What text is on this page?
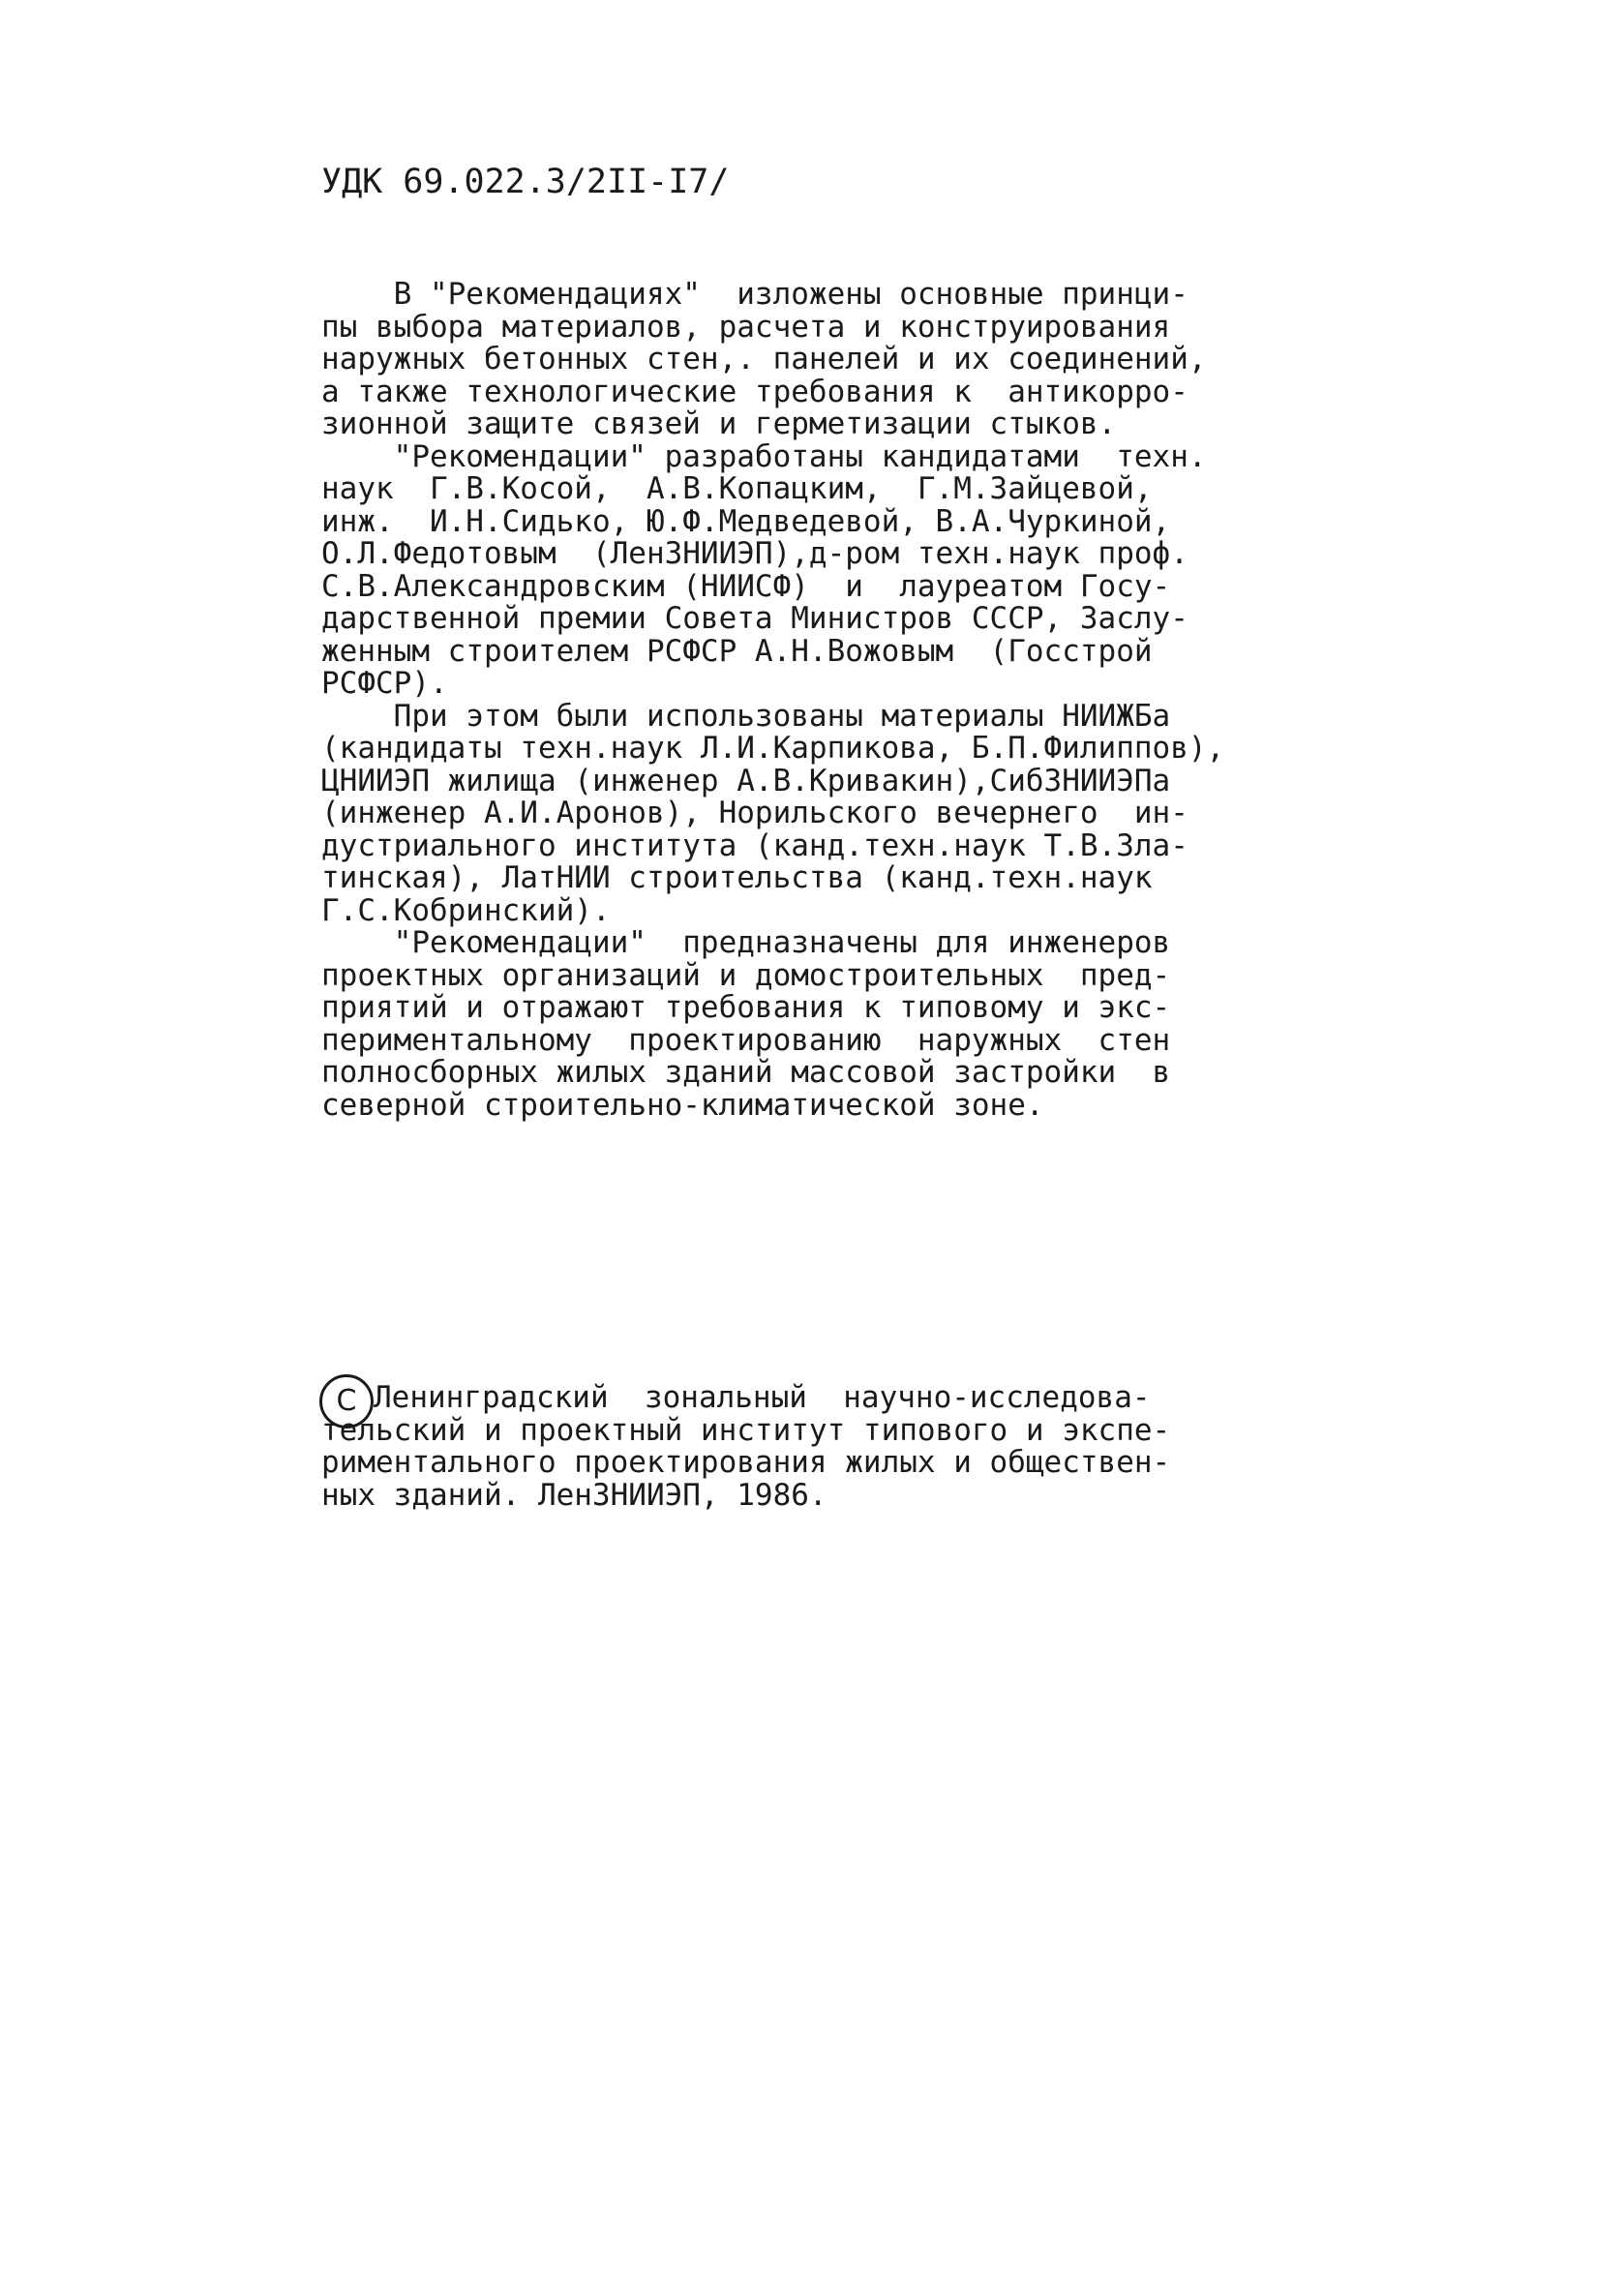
УДК 69.022.3/2II-I7/
В "Рекомендациях"  изложены основные принци-
пы выбора материалов, расчета и конструирования
наружных бетонных стен,. панелей и их соединений,
а также технологические требования к  антикорро-
зионной защите связей и герметизации стыков.
"Рекомендации" разработаны кандидатами  техн.
наук  Г.В.Косой,  А.В.Копацким,  Г.М.Зайцевой,
инж.  И.Н.Сидько, Ю.Ф.Медведевой, В.А.Чуркиной,
О.Л.Федотовым  (ЛенЗНИИЭП),д-ром техн.наук проф.
С.В.Александровским (НИИСФ)  и  лауреатом Госу-
дарственной премии Совета Министров СССР, Заслу-
женным строителем РСФСР А.Н.Вожовым  (Госстрой
РСФСР).
При этом были использованы материалы НИИЖБа
(кандидаты техн.наук Л.И.Карпикова, Б.П.Филиппов),
ЦНИИЭП жилища (инженер А.В.Кривакин),СибЗНИИЭПа
(инженер А.И.Аронов), Норильского вечернего  ин-
дустриального института (канд.техн.наук Т.В.Зла-
тинская), ЛатНИИ строительства (канд.техн.наук
Г.С.Кобринский).
"Рекомендации"  предназначены для инженеров
проектных организаций и домостроительных  пред-
приятий и отражают требования к типовому и экс-
периментальному  проектированию  наружных  стен
полносборных жилых зданий массовой застройки  в
северной строительно-климатической зоне.
C Ленинградский  зональный  научно-исследова-
тельский и проектный институт типового и экспе-
риментального проектирования жилых и обществен-
ных зданий. ЛенЗНИИЭП, 1986.
